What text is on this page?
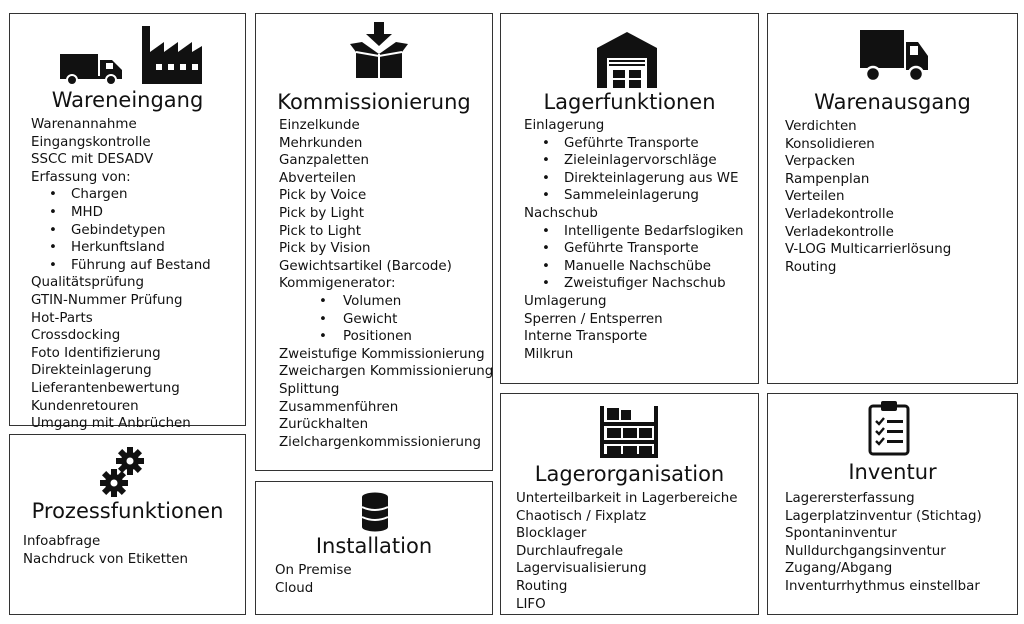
Wareneingang
Warenannahme
Eingangskontrolle
SSCC mit DESADV
Erfassung von:
• Chargen
• MHD
• Gebindetypen
• Herkunftsland
• Führung auf Bestand
Qualitätsprüfung
GTIN-Nummer Prüfung
Hot-Parts
Crossdocking
Foto Identifizierung
Direkteinlagerung
Lieferantenbewertung
Kundenretouren
Umgang mit Anbrüchen
Kommissionierung
Einzelkunde
Mehrkunden
Ganzpaletten
Abverteilen
Pick by Voice
Pick by Light
Pick to Light
Pick by Vision
Gewichtsartikel (Barcode)
Kommigenerator:
• Volumen
• Gewicht
• Positionen
Zweistufige Kommissionierung
Zweichargen Kommissionierung
Splittung
Zusammenführen
Zurückhalten
Zielchargenkommissionierung
Lagerfunktionen
Einlagerung
• Geführte Transporte
• Zieleinlagervorschläge
• Direkteinlagerung aus WE
• Sammeleinlagerung
Nachschub
• Intelligente Bedarfslogiken
• Geführte Transporte
• Manuelle Nachschübe
• Zweistufiger Nachschub
Umlagerung
Sperren / Entsperren
Interne Transporte
Milkrun
Warenausgang
Verdichten
Konsolidieren
Verpacken
Rampenplan
Verteilen
Verladekontrolle
Verladekontrolle
V-LOG Multicarrierlösung
Routing
Prozessfunktionen
Infoabfrage
Nachdruck von Etiketten
Installation
On Premise
Cloud
Lagerorganisation
Unterteilbarkeit in Lagerbereiche
Chaotisch / Fixplatz
Blocklager
Durchlaufregale
Lagervisualisierung
Routing
LIFO
Inventur
Lagerersterfassung
Lagerplatzinventur (Stichtag)
Spontaninventur
Nulldurchgangsinventur
Zugang/Abgang
Inventurrhythmus einstellbar
